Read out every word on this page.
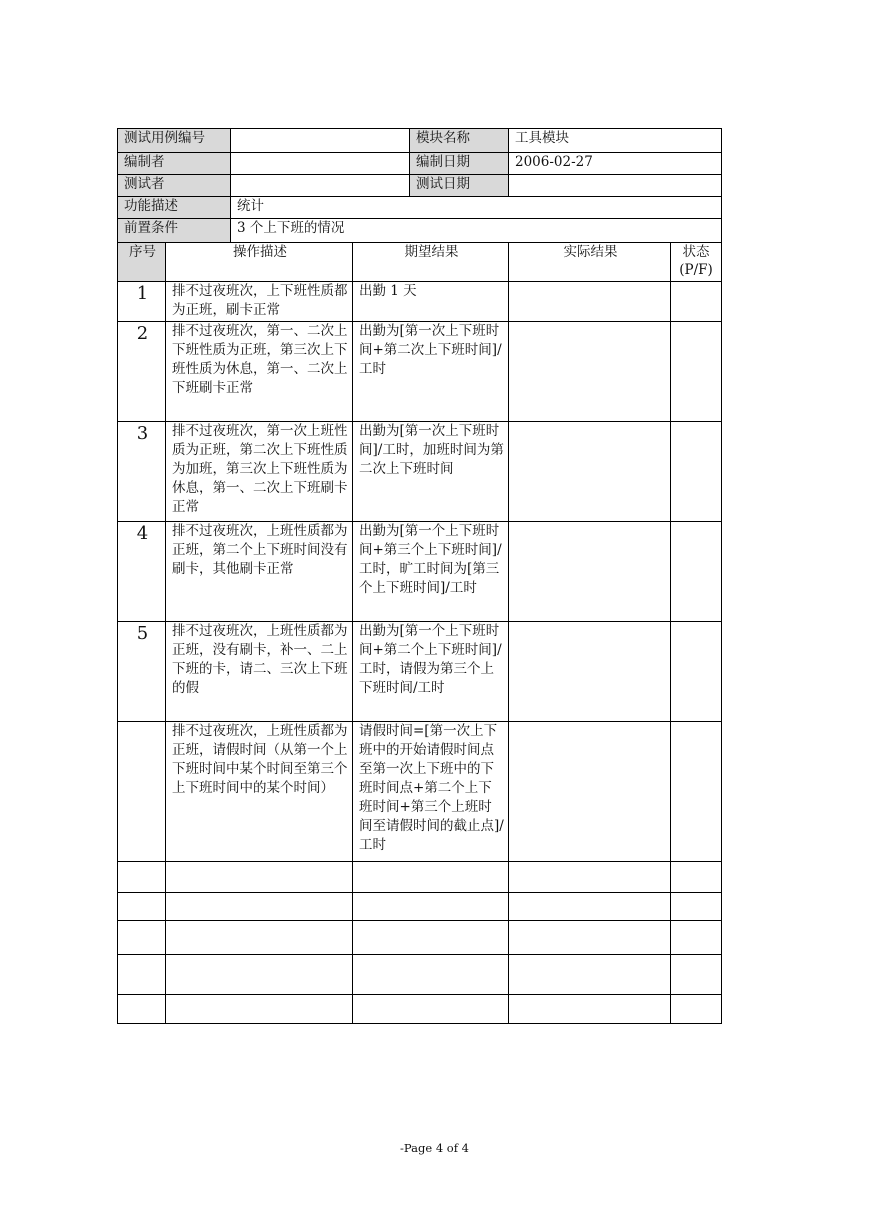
测试用例编号				模块名称	工具模块	
编制者				编制日期	2006-02-27	
测试者				测试日期		
功能描述		统计				
前置条件		3 个上下班的情况				
序号	操作描述		期望结果		实际结果	状态 (P/F)
1	排不过夜班次，上下班性质都为正班，刷卡正常		出勤 1 天			
2	排不过夜班次，第一、二次上下班性质为正班，第三次上下班性质为休息，第一、二次上下班刷卡正常		出勤为[第一次上下班时间+第二次上下班时间]/工时			
3	排不过夜班次，第一次上班性质为正班，第二次上下班性质为加班，第三次上下班性质为休息，第一、二次上下班刷卡正常		出勤为[第一次上下班时间]/工时，加班时间为第二次上下班时间			
4	排不过夜班次，上班性质都为正班，第二个上下班时间没有刷卡，其他刷卡正常		出勤为[第一个上下班时间+第三个上下班时间]/工时，旷工时间为[第三个上下班时间]/工时			
5	排不过夜班次，上班性质都为正班，没有刷卡，补一、二上下班的卡，请二、三次上下班的假		出勤为[第一个上下班时间+第二个上下班时间]/工时，请假为第三个上下班时间/工时			
	排不过夜班次，上班性质都为正班，请假时间（从第一个上下班时间中某个时间至第三个上下班时间中的某个时间）		请假时间=[第一次上下班中的开始请假时间点至第一次上下班中的下班时间点+第二个上下班时间+第三个上班时间至请假时间的截止点]/工时			

-Page 4 of 4
